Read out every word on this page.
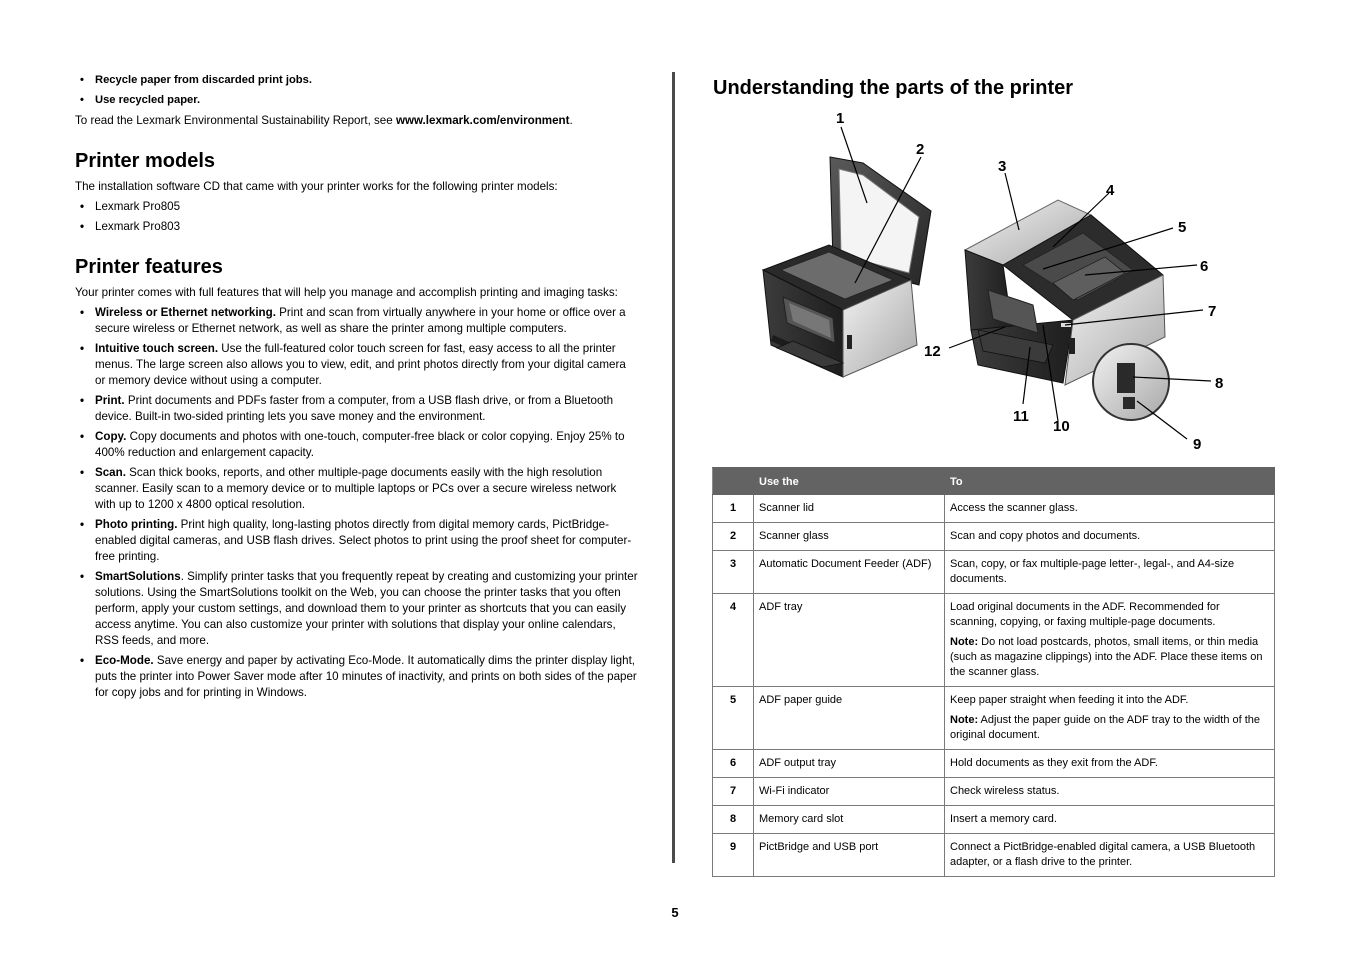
• Recycle paper from discarded print jobs.
• Use recycled paper.

To read the Lexmark Environmental Sustainability Report, see www.lexmark.com/environment.

Printer models

The installation software CD that came with your printer works for the following printer models:

• Lexmark Pro805
• Lexmark Pro803
Printer features

Your printer comes with full features that will help you manage and accomplish printing and imaging tasks:

• Wireless or Ethernet networking. Print and scan from virtually anywhere in your home or office over a secure wireless or Ethernet network, as well as share the printer among multiple computers.
• Intuitive touch screen. Use the full-featured color touch screen for fast, easy access to all the printer menus. The large screen also allows you to view, edit, and print photos directly from your digital camera or memory device without using a computer.
• Print. Print documents and PDFs faster from a computer, from a USB flash drive, or from a Bluetooth device. Built-in two-sided printing lets you save money and the environment.
• Copy. Copy documents and photos with one-touch, computer-free black or color copying. Enjoy 25% to 400% reduction and enlargement capacity.
• Scan. Scan thick books, reports, and other multiple-page documents easily with the high resolution scanner. Easily scan to a memory device or to multiple laptops or PCs over a secure wireless network with up to 1200 x 4800 optical resolution.
• Photo printing. Print high quality, long-lasting photos directly from digital memory cards, PictBridge-enabled digital cameras, and USB flash drives. Select photos to print using the proof sheet for computer-free printing.
• SmartSolutions. Simplify printer tasks that you frequently repeat by creating and customizing your printer solutions. Using the SmartSolutions toolkit on the Web, you can choose the printer tasks that you often perform, apply your custom settings, and download them to your printer as shortcuts that you can easily access anytime. You can also customize your printer with solutions that display your online calendars, RSS feeds, and more.
• Eco-Mode. Save energy and paper by activating Eco-Mode. It automatically dims the printer display light, puts the printer into Power Saver mode after 10 minutes of inactivity, and prints on both sides of the paper for copy jobs and for printing in Windows.
Understanding the parts of the printer
1
2
3
4
5
6
7
8
9
10
11
12
	Use the	To
1	Scanner lid	Access the scanner glass.
2	Scanner glass	Scan and copy photos and documents.
3	Automatic Document Feeder (ADF)	Scan, copy, or fax multiple-page letter-, legal-, and A4-size documents.
4	ADF tray	Load original documents in the ADF. Recommended for scanning, copying, or faxing multiple-page documents.
Note: Do not load postcards, photos, small items, or thin media (such as magazine clippings) into the ADF. Place these items on the scanner glass.

5	ADF paper guide	Keep paper straight when feeding it into the ADF.
Note: Adjust the paper guide on the ADF tray to the width of the original document.

6	ADF output tray	Hold documents as they exit from the ADF.
7	Wi-Fi indicator	Check wireless status.
8	Memory card slot	Insert a memory card.
9	PictBridge and USB port	Connect a PictBridge-enabled digital camera, a USB Bluetooth adapter, or a flash drive to the printer.
5
